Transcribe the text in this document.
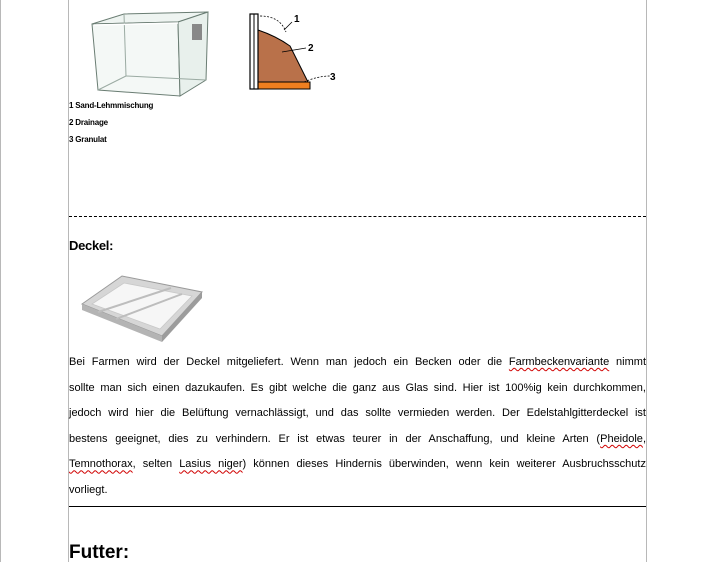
1
2
3
1 Sand-Lehmmischung
2 Drainage
3 Granulat
Deckel:
Bei Farmen wird der Deckel mitgeliefert. Wenn man jedoch ein Becken oder die Farmbeckenvariante nimmt
sollte man sich einen dazukaufen. Es gibt welche die ganz aus Glas sind. Hier ist 100%ig kein durchkommen,
jedoch wird hier die Belüftung vernachlässigt, und das sollte vermieden werden. Der Edelstahlgitterdeckel ist
bestens geeignet, dies zu verhindern. Er ist etwas teurer in der Anschaffung, und kleine Arten (Pheidole,
Temnothorax, selten Lasius niger) können dieses Hindernis überwinden, wenn kein weiterer Ausbruchsschutz
vorliegt.
Futter:
